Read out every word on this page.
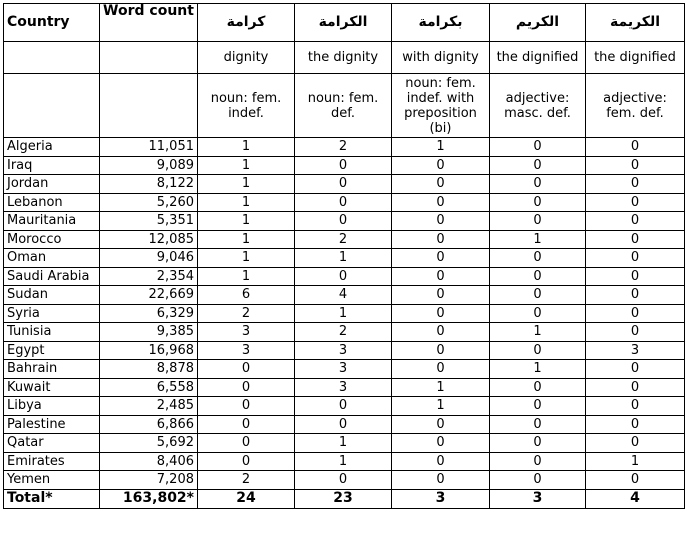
Country	Word count	كرامة	الكرامة	بكرامة	الكريم	الكريمة
		dignity	the dignity	with dignity	the dignified	the dignified
		noun: fem. indef.	noun: fem. def.	noun: fem. indef. with preposition (bi)	adjective: masc. def.	adjective: fem. def.
Algeria	11,051	1	2	1	0	0
Iraq	9,089	1	0	0	0	0
Jordan	8,122	1	0	0	0	0
Lebanon	5,260	1	0	0	0	0
Mauritania	5,351	1	0	0	0	0
Morocco	12,085	1	2	0	1	0
Oman	9,046	1	1	0	0	0
Saudi Arabia	2,354	1	0	0	0	0
Sudan	22,669	6	4	0	0	0
Syria	6,329	2	1	0	0	0
Tunisia	9,385	3	2	0	1	0
Egypt	16,968	3	3	0	0	3
Bahrain	8,878	0	3	0	1	0
Kuwait	6,558	0	3	1	0	0
Libya	2,485	0	0	1	0	0
Palestine	6,866	0	0	0	0	0
Qatar	5,692	0	1	0	0	0
Emirates	8,406	0	1	0	0	1
Yemen	7,208	2	0	0	0	0
Total*	163,802*	24	23	3	3	4
